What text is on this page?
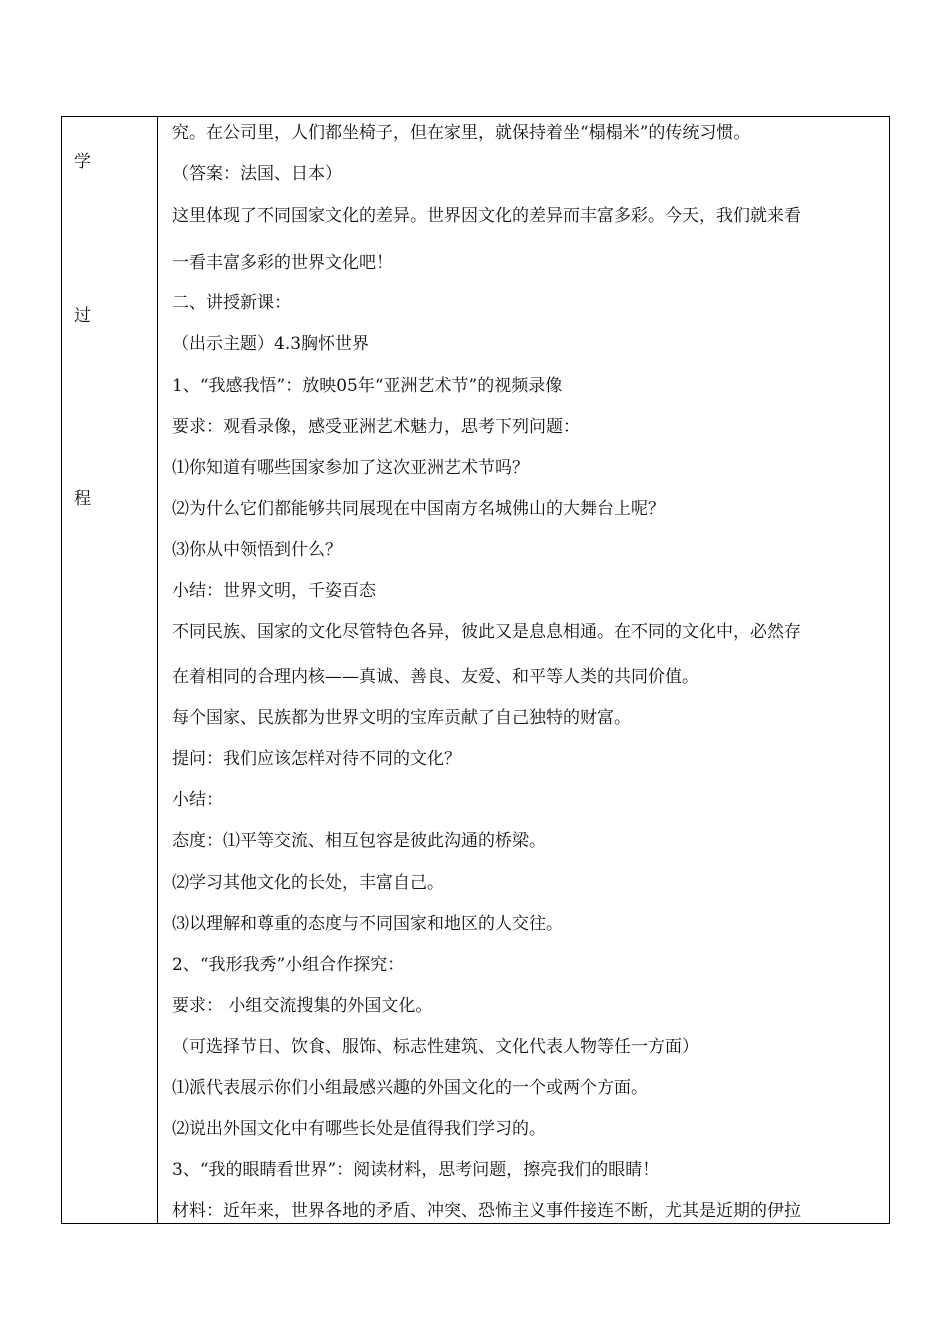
学
过
程
究。在公司里，人们都坐椅子，但在家里，就保持着坐“榻榻米”的传统习惯。
（答案：法国、日本）
这里体现了不同国家文化的差异。世界因文化的差异而丰富多彩。今天，我们就来看
一看丰富多彩的世界文化吧！
二、讲授新课：
（出示主题）4.3胸怀世界
1、“我感我悟”：放映05年“亚洲艺术节”的视频录像
要求：观看录像，感受亚洲艺术魅力，思考下列问题：
⑴你知道有哪些国家参加了这次亚洲艺术节吗？
⑵为什么它们都能够共同展现在中国南方名城佛山的大舞台上呢？
⑶你从中领悟到什么？
小结：世界文明，千姿百态
不同民族、国家的文化尽管特色各异，彼此又是息息相通。在不同的文化中，必然存
在着相同的合理内核——真诚、善良、友爱、和平等人类的共同价值。
每个国家、民族都为世界文明的宝库贡献了自己独特的财富。
提问：我们应该怎样对待不同的文化？
小结：
态度：⑴平等交流、相互包容是彼此沟通的桥梁。
⑵学习其他文化的长处，丰富自己。
⑶以理解和尊重的态度与不同国家和地区的人交往。
2、“我形我秀”小组合作探究：
要求： 小组交流搜集的外国文化。
（可选择节日、饮食、服饰、标志性建筑、文化代表人物等任一方面）
⑴派代表展示你们小组最感兴趣的外国文化的一个或两个方面。
⑵说出外国文化中有哪些长处是值得我们学习的。
3、“我的眼睛看世界”：阅读材料，思考问题，擦亮我们的眼睛！
材料：近年来，世界各地的矛盾、冲突、恐怖主义事件接连不断，尤其是近期的伊拉
